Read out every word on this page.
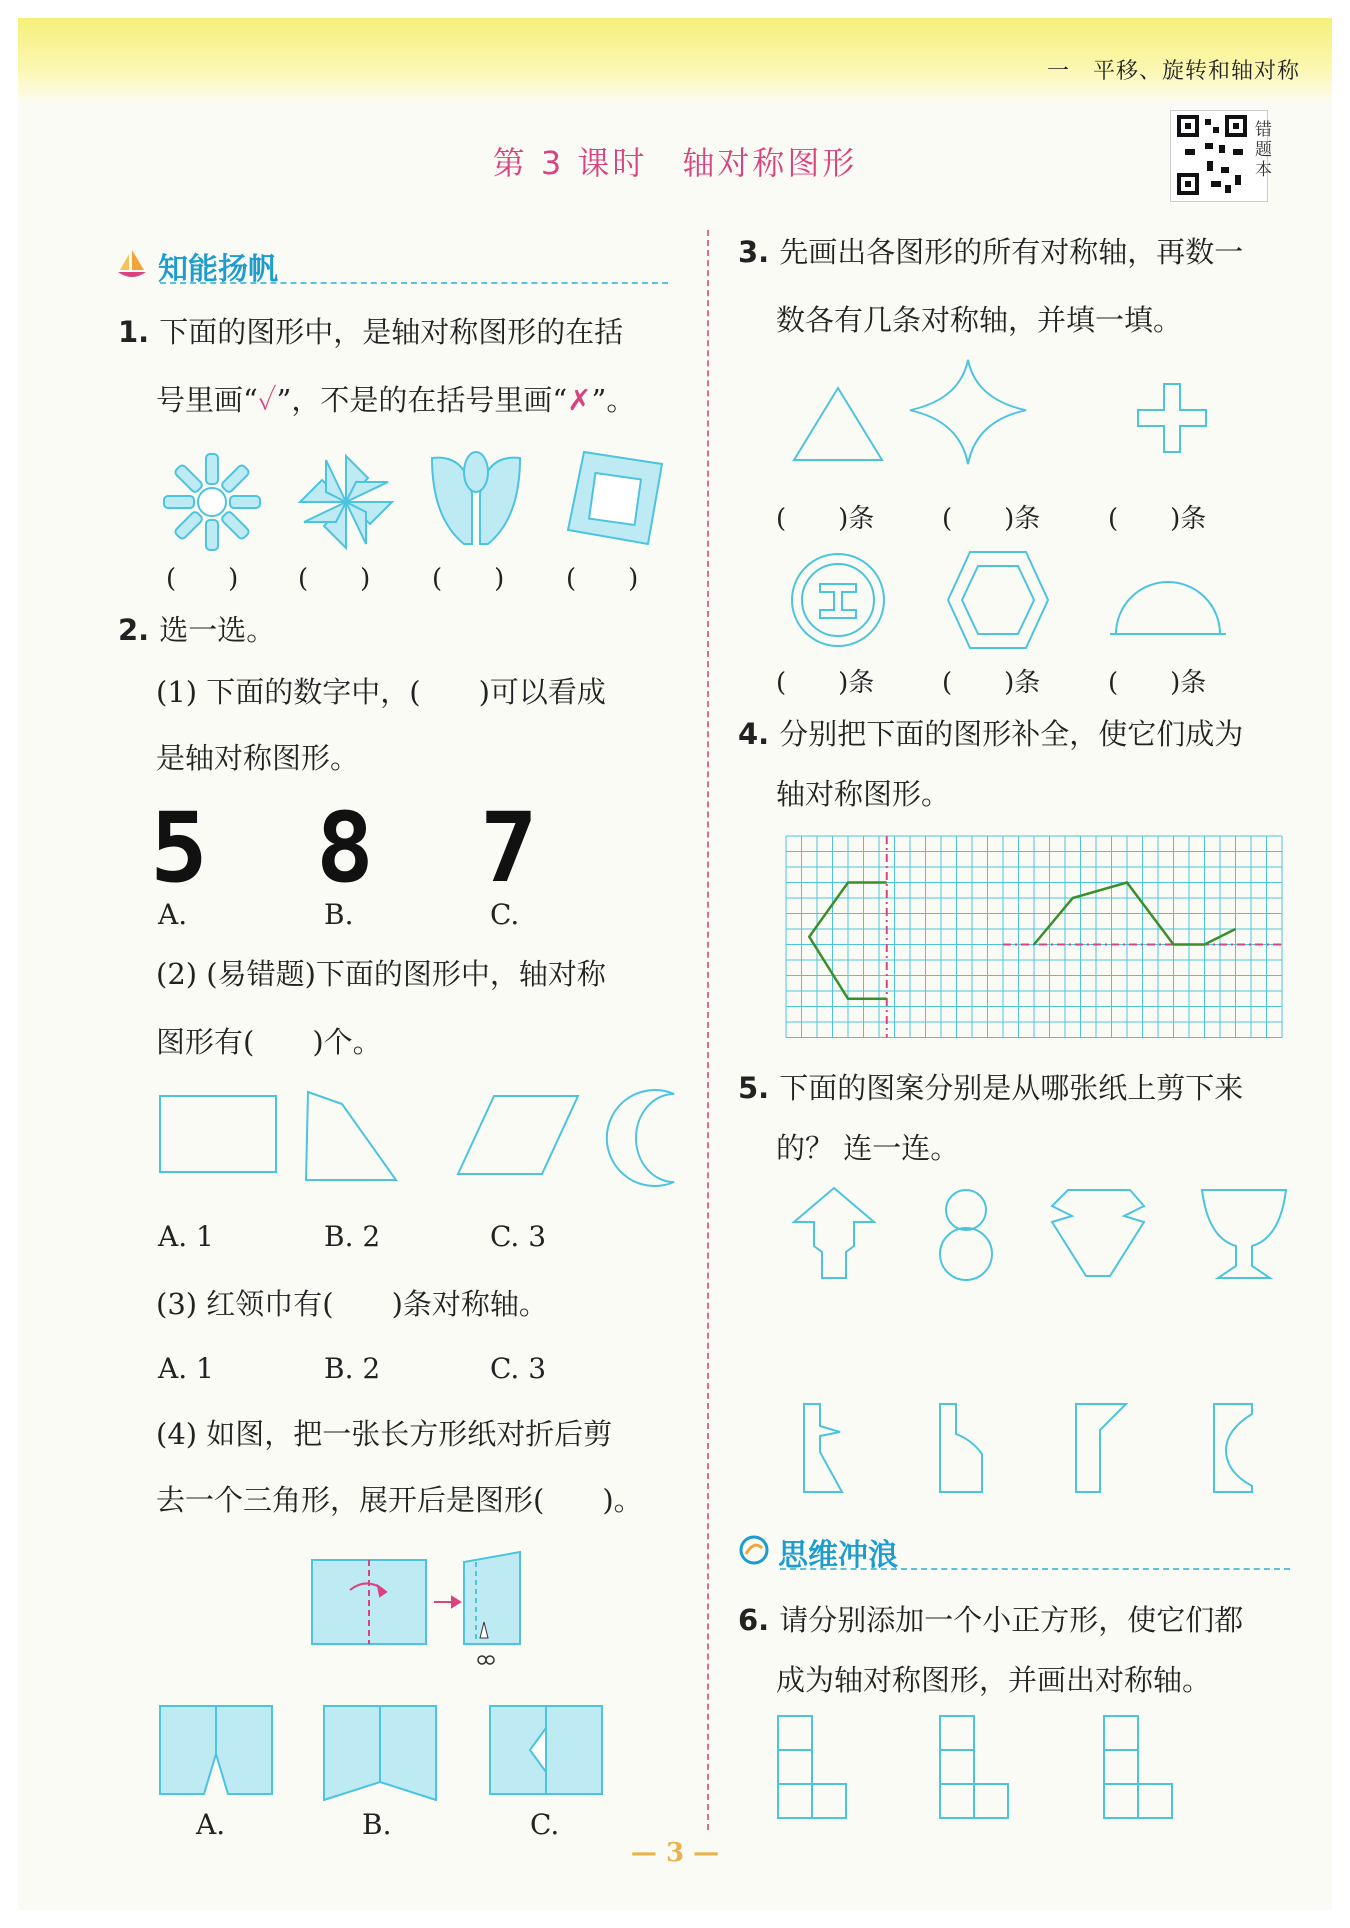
一　平移、旋转和轴对称
第 3 课时　轴对称图形
错题本
知能扬帆
1. 下面的图形中，是轴对称图形的在括
号里画“✓”，不是的在括号里画“✗”。
(　　) (　　) (　　) (　　)
2. 选一选。
(1) 下面的数字中，(　　)可以看成
是轴对称图形。
5 8 7
A.	B.	C.
(2) (易错题)下面的图形中，轴对称
图形有(　　)个。
A. 1	B. 2	C. 3
(3) 红领巾有(　　)条对称轴。
A. 1	B. 2	C. 3
(4) 如图，把一张长方形纸对折后剪
去一个三角形，展开后是图形(　　)。
A.	B.	C.
3. 先画出各图形的所有对称轴，再数一
数各有几条对称轴，并填一填。
(　　)条	(　　)条	(　　)条
(　　)条	(　　)条	(　　)条
4. 分别把下面的图形补全，使它们成为
轴对称图形。
5. 下面的图案分别是从哪张纸上剪下来
的？ 连一连。
思维冲浪
6. 请分别添加一个小正方形，使它们都
成为轴对称图形，并画出对称轴。
— 3 —
